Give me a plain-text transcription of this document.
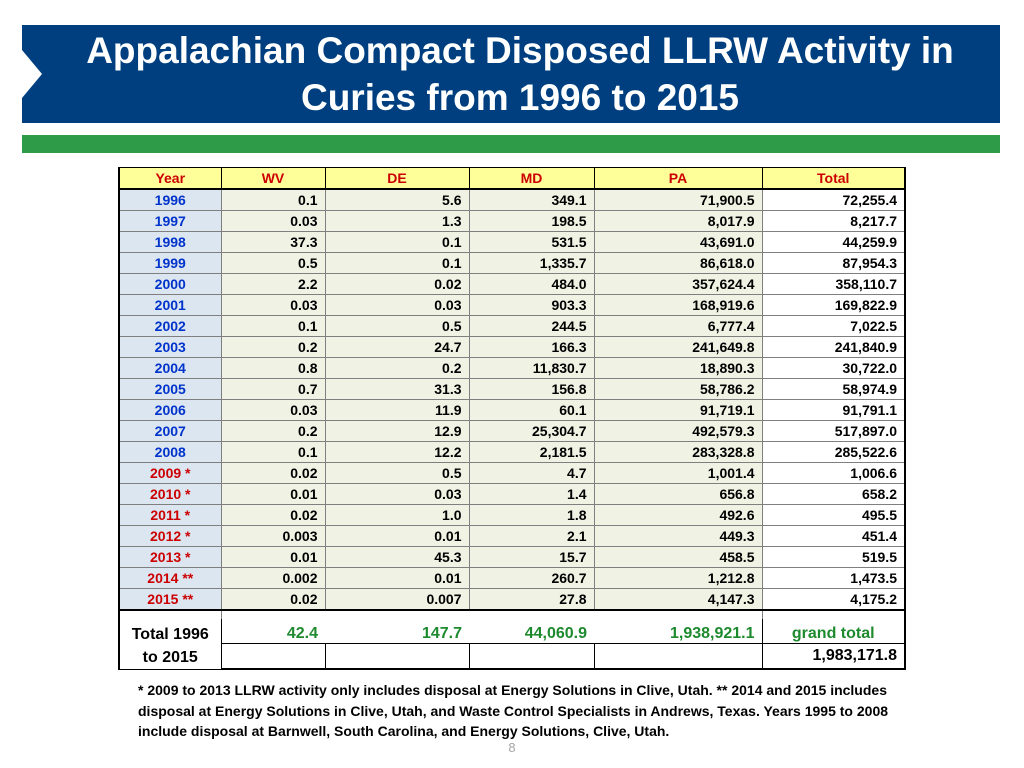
Appalachian Compact Disposed LLRW Activity in
Curies from 1996 to 2015
Year	WV	DE	MD	PA	Total
1996	0.1	5.6	349.1	71,900.5	72,255.4
1997	0.03	1.3	198.5	8,017.9	8,217.7
1998	37.3	0.1	531.5	43,691.0	44,259.9
1999	0.5	0.1	1,335.7	86,618.0	87,954.3
2000	2.2	0.02	484.0	357,624.4	358,110.7
2001	0.03	0.03	903.3	168,919.6	169,822.9
2002	0.1	0.5	244.5	6,777.4	7,022.5
2003	0.2	24.7	166.3	241,649.8	241,840.9
2004	0.8	0.2	11,830.7	18,890.3	30,722.0
2005	0.7	31.3	156.8	58,786.2	58,974.9
2006	0.03	11.9	60.1	91,719.1	91,791.1
2007	0.2	12.9	25,304.7	492,579.3	517,897.0
2008	0.1	12.2	2,181.5	283,328.8	285,522.6
2009 *	0.02	0.5	4.7	1,001.4	1,006.6
2010 *	0.01	0.03	1.4	656.8	658.2
2011 *	0.02	1.0	1.8	492.6	495.5
2012 *	0.003	0.01	2.1	449.3	451.4
2013 *	0.01	45.3	15.7	458.5	519.5
2014 **	0.002	0.01	260.7	1,212.8	1,473.5
2015 **	0.02	0.007	27.8	4,147.3	4,175.2

Total 1996 to 2015	42.4	147.7	44,060.9	1,938,921.1	grand total
					1,983,171.8
* 2009 to 2013 LLRW activity only includes disposal at Energy Solutions in Clive, Utah. ** 2014 and 2015 includes disposal at Energy Solutions in Clive, Utah, and Waste Control Specialists in Andrews, Texas. Years 1995 to 2008 include disposal at Barnwell, South Carolina, and Energy Solutions, Clive, Utah.
8
